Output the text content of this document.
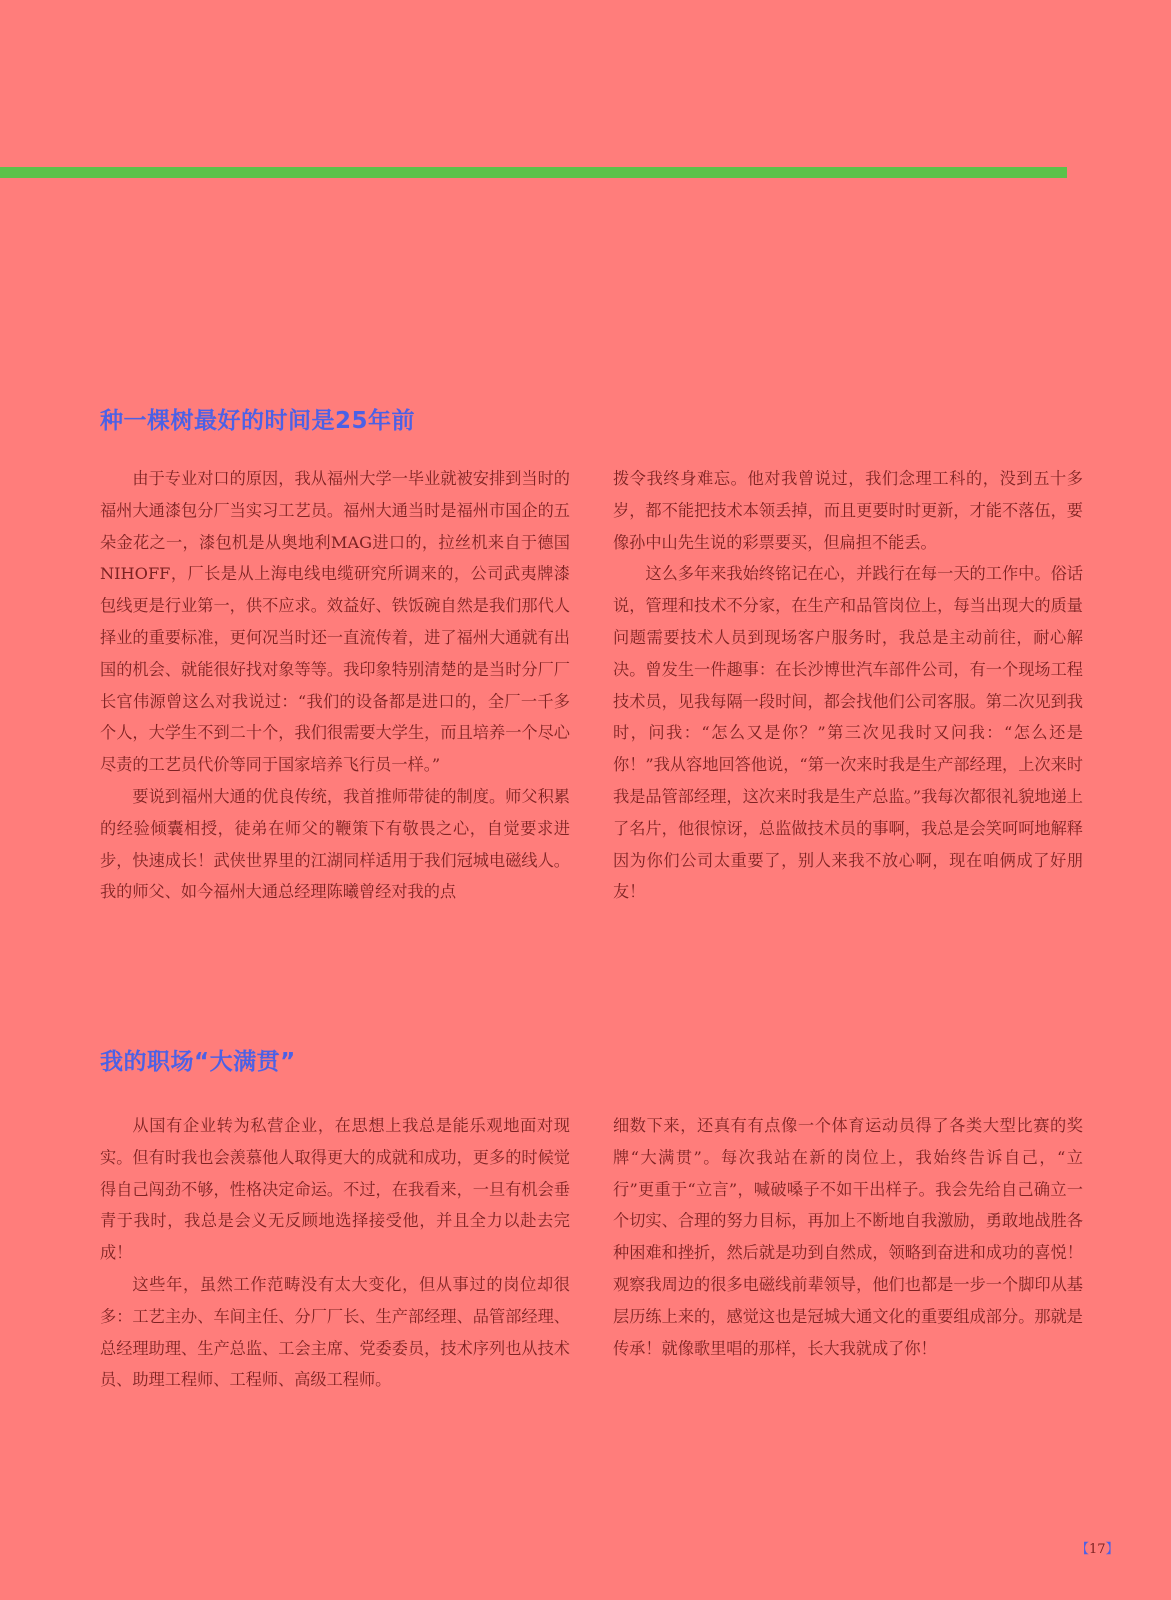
种一棵树最好的时间是25年前

由于专业对口的原因，我从福州大学一毕业就被安排到当时的福州大通漆包分厂当实习工艺员。福州大通当时是福州市国企的五朵金花之一，漆包机是从奥地利MAG进口的，拉丝机来自于德国NIHOFF，厂长是从上海电线电缆研究所调来的，公司武夷牌漆包线更是行业第一，供不应求。效益好、铁饭碗自然是我们那代人择业的重要标准，更何况当时还一直流传着，进了福州大通就有出国的机会、就能很好找对象等等。我印象特别清楚的是当时分厂厂长官伟源曾这么对我说过：“我们的设备都是进口的，全厂一千多个人，大学生不到二十个，我们很需要大学生，而且培养一个尽心尽责的工艺员代价等同于国家培养飞行员一样。”

要说到福州大通的优良传统，我首推师带徒的制度。师父积累的经验倾囊相授，徒弟在师父的鞭策下有敬畏之心，自觉要求进步，快速成长！武侠世界里的江湖同样适用于我们冠城电磁线人。我的师父、如今福州大通总经理陈曦曾经对我的点

拨令我终身难忘。他对我曾说过，我们念理工科的，没到五十多岁，都不能把技术本领丢掉，而且更要时时更新，才能不落伍，要像孙中山先生说的彩票要买，但扁担不能丢。

这么多年来我始终铭记在心，并践行在每一天的工作中。俗话说，管理和技术不分家，在生产和品管岗位上，每当出现大的质量问题需要技术人员到现场客户服务时，我总是主动前往，耐心解决。曾发生一件趣事：在长沙博世汽车部件公司，有一个现场工程技术员，见我每隔一段时间，都会找他们公司客服。第二次见到我时，问我：“怎么又是你？”第三次见我时又问我：“怎么还是你！”我从容地回答他说，“第一次来时我是生产部经理，上次来时我是品管部经理，这次来时我是生产总监。”我每次都很礼貌地递上了名片，他很惊讶，总监做技术员的事啊，我总是会笑呵呵地解释因为你们公司太重要了，别人来我不放心啊，现在咱俩成了好朋友！

我的职场“大满贯”

从国有企业转为私营企业，在思想上我总是能乐观地面对现实。但有时我也会羡慕他人取得更大的成就和成功，更多的时候觉得自己闯劲不够，性格决定命运。不过，在我看来，一旦有机会垂青于我时，我总是会义无反顾地选择接受他，并且全力以赴去完成！

这些年，虽然工作范畴没有太大变化，但从事过的岗位却很多：工艺主办、车间主任、分厂厂长、生产部经理、品管部经理、总经理助理、生产总监、工会主席、党委委员，技术序列也从技术员、助理工程师、工程师、高级工程师。

细数下来，还真有有点像一个体育运动员得了各类大型比赛的奖牌“大满贯”。每次我站在新的岗位上，我始终告诉自己，“立行”更重于“立言”，喊破嗓子不如干出样子。我会先给自己确立一个切实、合理的努力目标，再加上不断地自我激励，勇敢地战胜各种困难和挫折，然后就是功到自然成，领略到奋进和成功的喜悦！观察我周边的很多电磁线前辈领导，他们也都是一步一个脚印从基层历练上来的，感觉这也是冠城大通文化的重要组成部分。那就是传承！就像歌里唱的那样，长大我就成了你！

【17】
